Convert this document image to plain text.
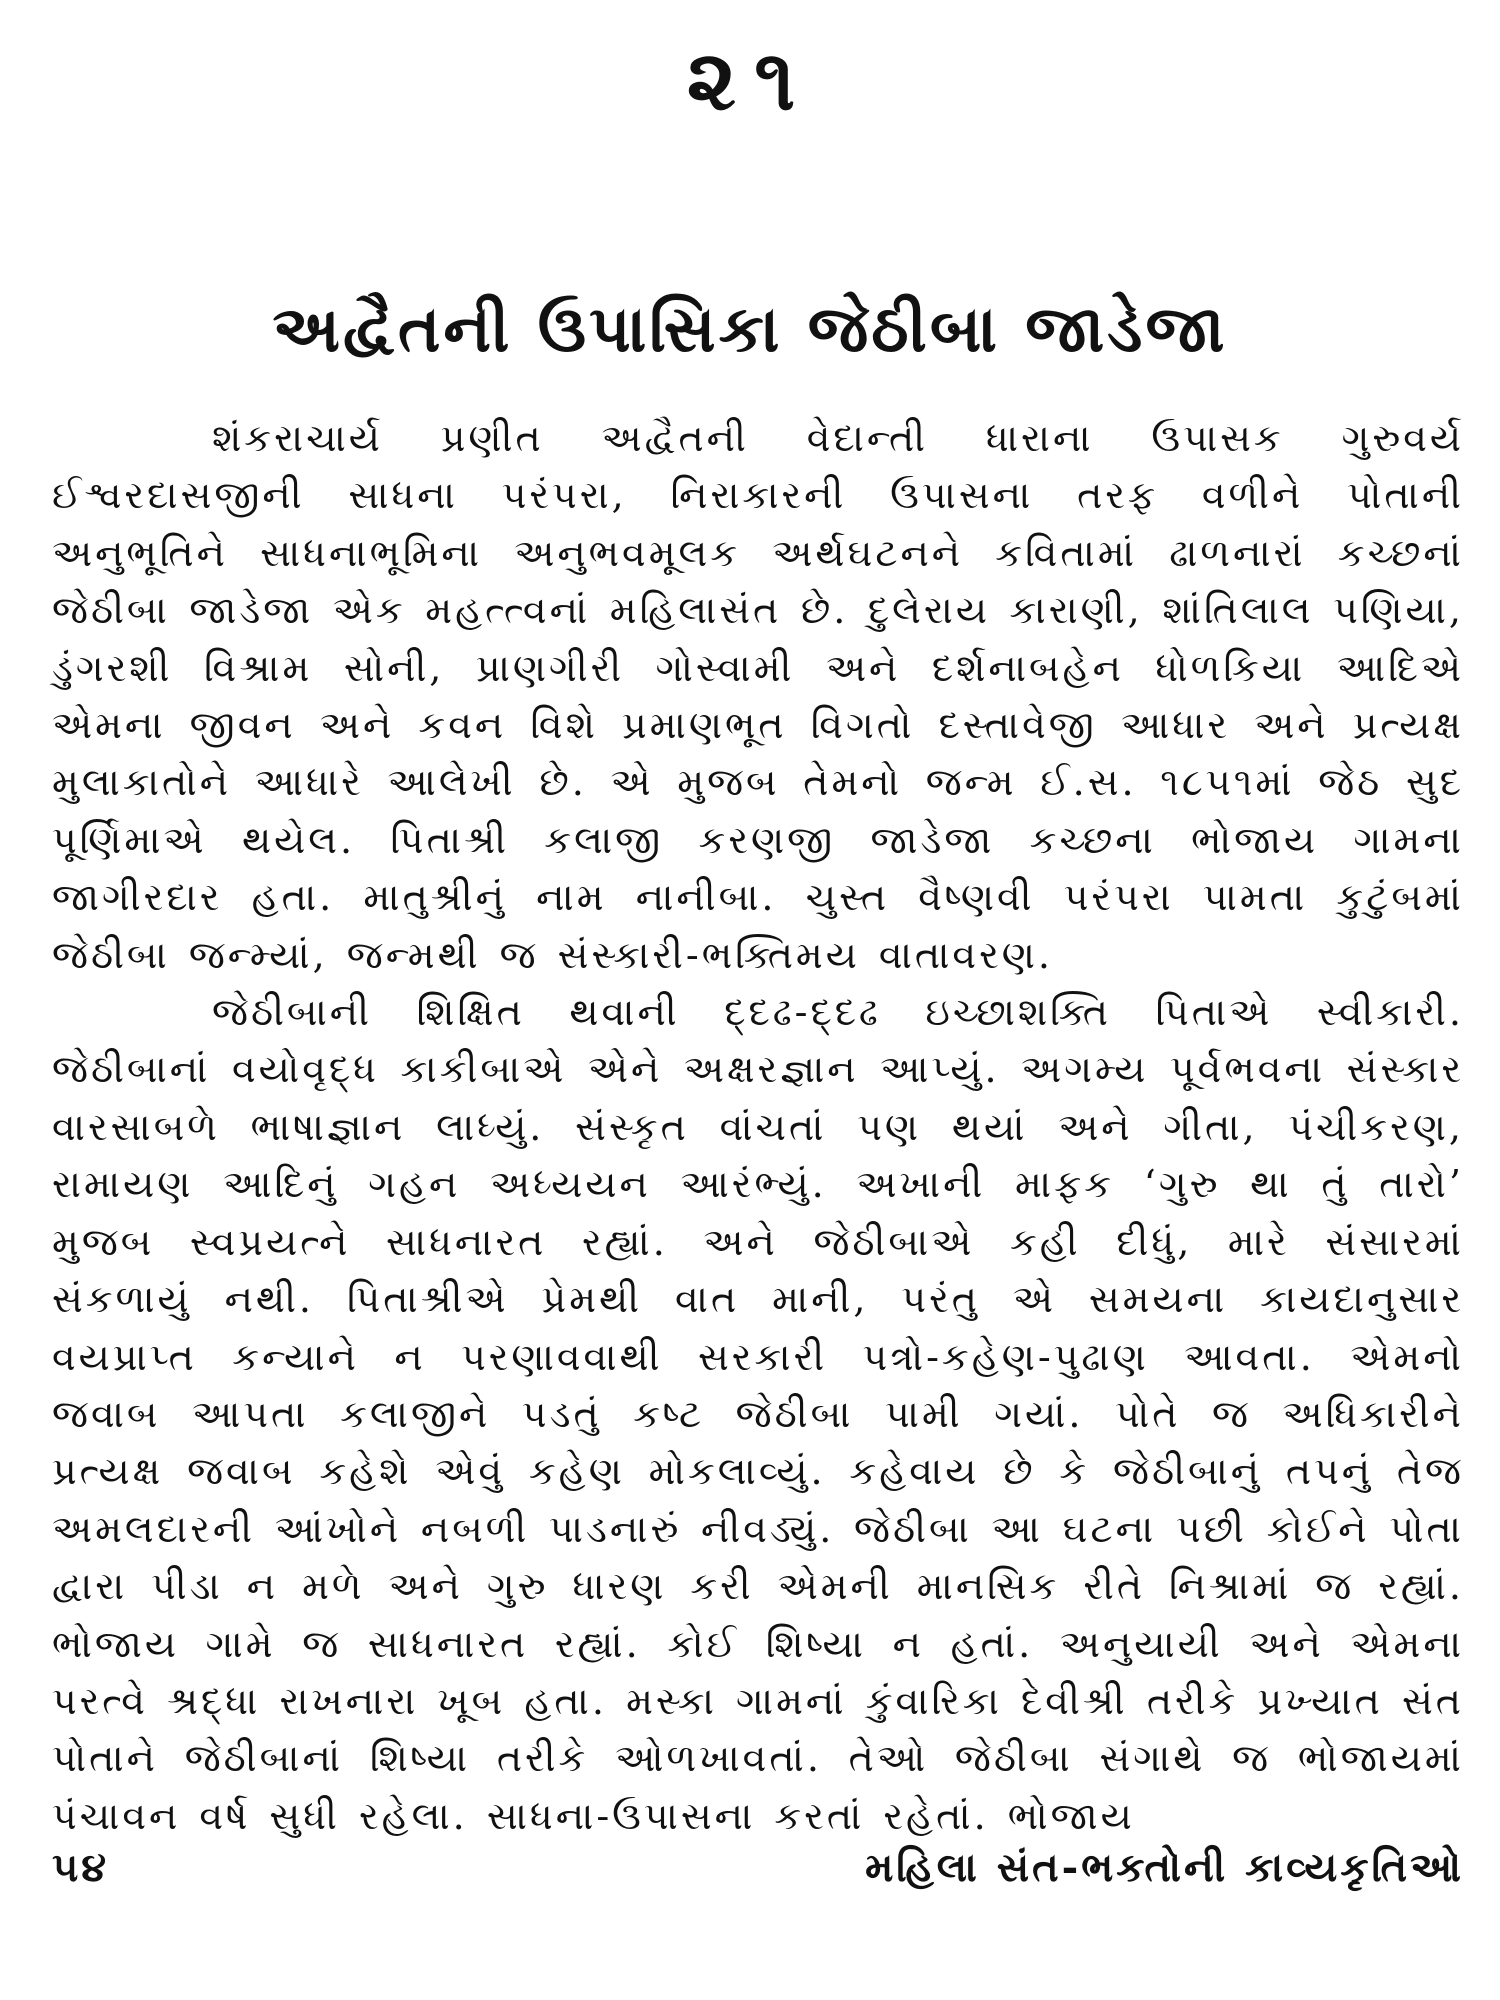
૨૧
અદ્વૈતની ઉપાસિકા જેઠીબા જાડેજા

શંકરાચાર્ય પ્રણીત અદ્વૈતની વેદાન્તી ધારાના ઉપાસક ગુરુવર્ય ઈશ્વરદાસજીની સાધના પરંપરા, નિરાકારની ઉપાસના તરફ વળીને પોતાની અનુભૂતિને સાધનાભૂમિના અનુભવમૂલક અર્થઘટનને કવિતામાં ઢાળનારાં કચ્છનાં જેઠીબા જાડેજા એક મહત્ત્વનાં મહિલાસંત છે. દુલેરાય કારાણી, શાંતિલાલ પણિયા, ડુંગરશી વિશ્રામ સોની, પ્રાણગીરી ગોસ્વામી અને દર્શનાબહેન ધોળકિયા આદિએ એમના જીવન અને કવન વિશે પ્રમાણભૂત વિગતો દસ્તાવેજી આધાર અને પ્રત્યક્ષ મુલાકાતોને આધારે આલેખી છે. એ મુજબ તેમનો જન્મ ઈ.સ. ૧૮૫૧માં જેઠ સુદ પૂર્ણિમાએ થયેલ. પિતાશ્રી કલાજી કરણજી જાડેજા કચ્છના ભોજાય ગામના જાગીરદાર હતા. માતુશ્રીનું નામ નાનીબા. ચુસ્ત વૈષ્ણવી પરંપરા પામતા કુટુંબમાં જેઠીબા જન્મ્યાં, જન્મથી જ સંસ્કારી-ભક્તિમય વાતાવરણ.

જેઠીબાની શિક્ષિત થવાની દ્દઢ-દ્દઢ ઇચ્છાશક્તિ પિતાએ સ્વીકારી. જેઠીબાનાં વયોવૃદ્ધ કાકીબાએ એને અક્ષરજ્ઞાન આપ્યું. અગમ્ય પૂર્વભવના સંસ્કાર વારસાબળે ભાષાજ્ઞાન લાધ્યું. સંસ્કૃત વાંચતાં પણ થયાં અને ગીતા, પંચીકરણ, રામાયણ આદિનું ગહન અધ્યયન આરંભ્યું. અખાની માફક ‘ગુરુ થા તું તારો’ મુજબ સ્વપ્રયત્ને સાધનારત રહ્યાં. અને જેઠીબાએ કહી દીધું, મારે સંસારમાં સંકળાયું નથી. પિતાશ્રીએ પ્રેમથી વાત માની, પરંતુ એ સમયના કાયદાનુસાર વયપ્રાપ્ત કન્યાને ન પરણાવવાથી સરકારી પત્રો-કહેણ-પુઢાણ આવતા. એમનો જવાબ આપતા કલાજીને પડતું કષ્ટ જેઠીબા પામી ગયાં. પોતે જ અધિકારીને પ્રત્યક્ષ જવાબ કહેશે એવું કહેણ મોકલાવ્યું. કહેવાય છે કે જેઠીબાનું તપનું તેજ અમલદારની આંખોને નબળી પાડનારું નીવડ્યું. જેઠીબા આ ઘટના પછી કોઈને પોતા દ્વારા પીડા ન મળે અને ગુરુ ધારણ કરી એમની માનસિક રીતે નિશ્રામાં જ રહ્યાં. ભોજાય ગામે જ સાધનારત રહ્યાં. કોઈ શિષ્યા ન હતાં. અનુયાયી અને એમના પરત્વે શ્રદ્ધા રાખનારા ખૂબ હતા. મસ્કા ગામનાં કુંવારિકા દેવીશ્રી તરીકે પ્રખ્યાત સંત પોતાને જેઠીબાનાં શિષ્યા તરીકે ઓળખાવતાં. તેઓ જેઠીબા સંગાથે જ ભોજાયમાં પંચાવન વર્ષ સુધી રહેલા. સાધના-ઉપાસના કરતાં રહેતાં. ભોજાય

૫૪	મહિલા સંત-ભક્તોની કાવ્યકૃતિઓ
